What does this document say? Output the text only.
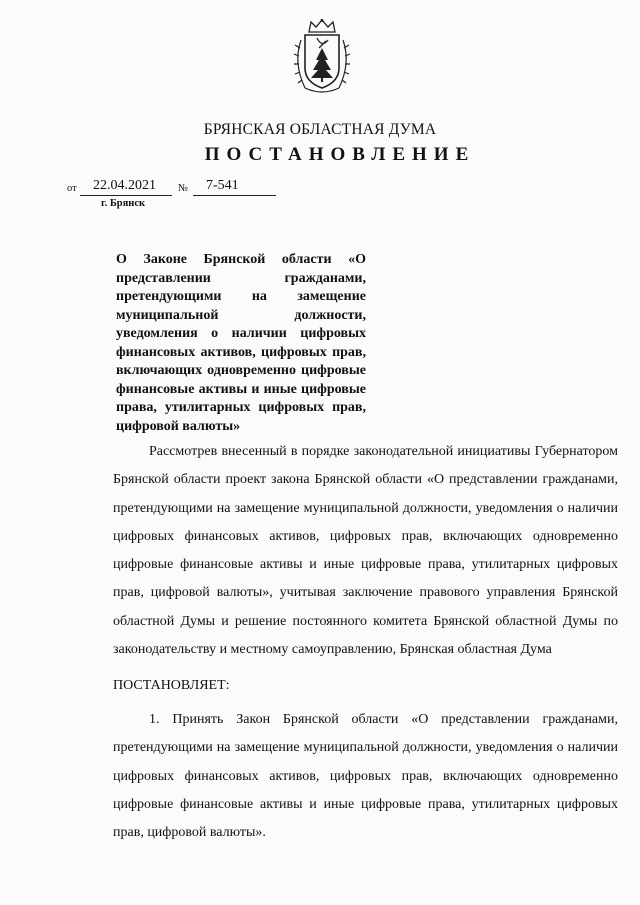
БРЯНСКАЯ ОБЛАСТНАЯ ДУМА
ПОСТАНОВЛЕНИЕ
от 22.04.2021 № 7-541
г. Брянск
О Законе Брянской области «О представлении гражданами, претендующими на замещение муниципальной должности, уведомления о наличии цифровых финансовых активов, цифровых прав, включающих одновременно цифровые финансовые активы и иные цифровые права, утилитарных цифровых прав, цифровой валюты»
Рассмотрев внесенный в порядке законодательной инициативы Губернатором Брянской области проект закона Брянской области «О представлении гражданами, претендующими на замещение муниципальной должности, уведомления о наличии цифровых финансовых активов, цифровых прав, включающих одновременно цифровые финансовые активы и иные цифровые права, утилитарных цифровых прав, цифровой валюты», учитывая заключение правового управления Брянской областной Думы и решение постоянного комитета Брянской областной Думы по законодательству и местному самоуправлению, Брянская областная Дума
ПОСТАНОВЛЯЕТ:
1. Принять Закон Брянской области «О представлении гражданами, претендующими на замещение муниципальной должности, уведомления о наличии цифровых финансовых активов, цифровых прав, включающих одновременно цифровые финансовые активы и иные цифровые права, утилитарных цифровых прав, цифровой валюты».
